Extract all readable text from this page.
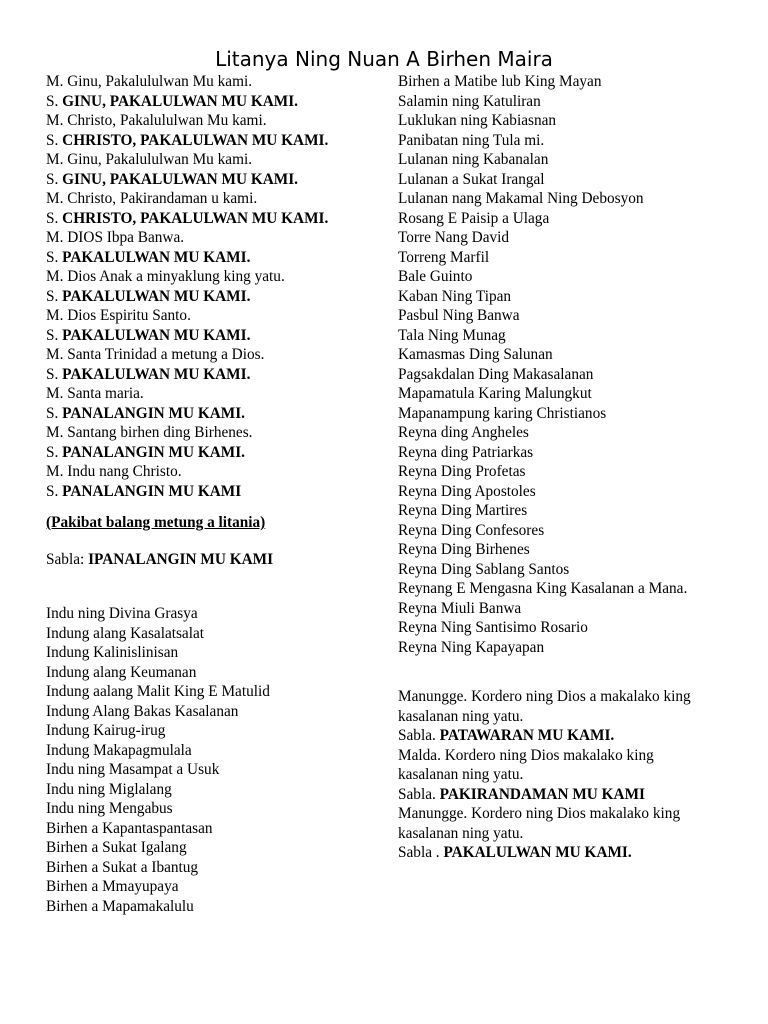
Litanya Ning Nuan A Birhen Maira
M. Ginu, Pakalululwan Mu kami.
S. GINU, PAKALULWAN MU KAMI.
M. Christo, Pakalululwan Mu kami.
S. CHRISTO, PAKALULWAN MU KAMI.
M. Ginu, Pakalululwan Mu kami.
S. GINU, PAKALULWAN MU KAMI.
M. Christo, Pakirandaman u kami.
S. CHRISTO, PAKALULWAN MU KAMI.
M. DIOS Ibpa Banwa.
S. PAKALULWAN MU KAMI.
M. Dios Anak a minyaklung king yatu.
S. PAKALULWAN MU KAMI.
M. Dios Espiritu Santo.
S. PAKALULWAN MU KAMI.
M. Santa Trinidad a metung a Dios.
S. PAKALULWAN MU KAMI.
M. Santa maria.
S. PANALANGIN MU KAMI.
M. Santang birhen ding Birhenes.
S. PANALANGIN MU KAMI.
M. Indu nang Christo.
S. PANALANGIN MU KAMI
(Pakibat balang metung a litania)
Sabla: IPANALANGIN MU KAMI
Indu ning Divina Grasya
Indung alang Kasalatsalat
Indung Kalinislinisan
Indung alang Keumanan
Indung aalang Malit King E Matulid
Indung Alang Bakas Kasalanan
Indung Kairug-irug
Indung Makapagmulala
Indu ning Masampat a Usuk
Indu ning Miglalang
Indu ning Mengabus
Birhen a Kapantaspantasan
Birhen a Sukat Igalang
Birhen a Sukat a Ibantug
Birhen a Mmayupaya
Birhen a Mapamakalulu
Birhen a Matibe lub King Mayan
Salamin ning Katuliran
Luklukan ning Kabiasnan
Panibatan ning Tula mi.
Lulanan ning Kabanalan
Lulanan a Sukat Irangal
Lulanan nang Makamal Ning Debosyon
Rosang E Paisip a Ulaga
Torre Nang David
Torreng Marfil
Bale Guinto
Kaban Ning Tipan
Pasbul Ning Banwa
Tala Ning Munag
Kamasmas Ding Salunan
Pagsakdalan Ding Makasalanan
Mapamatula Karing Malungkut
Mapanampung karing Christianos
Reyna ding Angheles
Reyna ding Patriarkas
Reyna Ding Profetas
Reyna Ding Apostoles
Reyna Ding Martires
Reyna Ding Confesores
Reyna Ding Birhenes
Reyna Ding Sablang Santos
Reynang E Mengasna King Kasalanan a Mana.
Reyna Miuli Banwa
Reyna Ning Santisimo Rosario
Reyna Ning Kapayapan
Manungge. Kordero ning Dios a makalako king kasalanan ning yatu.
Sabla. PATAWARAN MU KAMI.
Malda. Kordero ning Dios makalako king kasalanan ning yatu.
Sabla. PAKIRANDAMAN MU KAMI
Manungge. Kordero ning Dios makalako king kasalanan ning yatu.
Sabla . PAKALULWAN MU KAMI.
